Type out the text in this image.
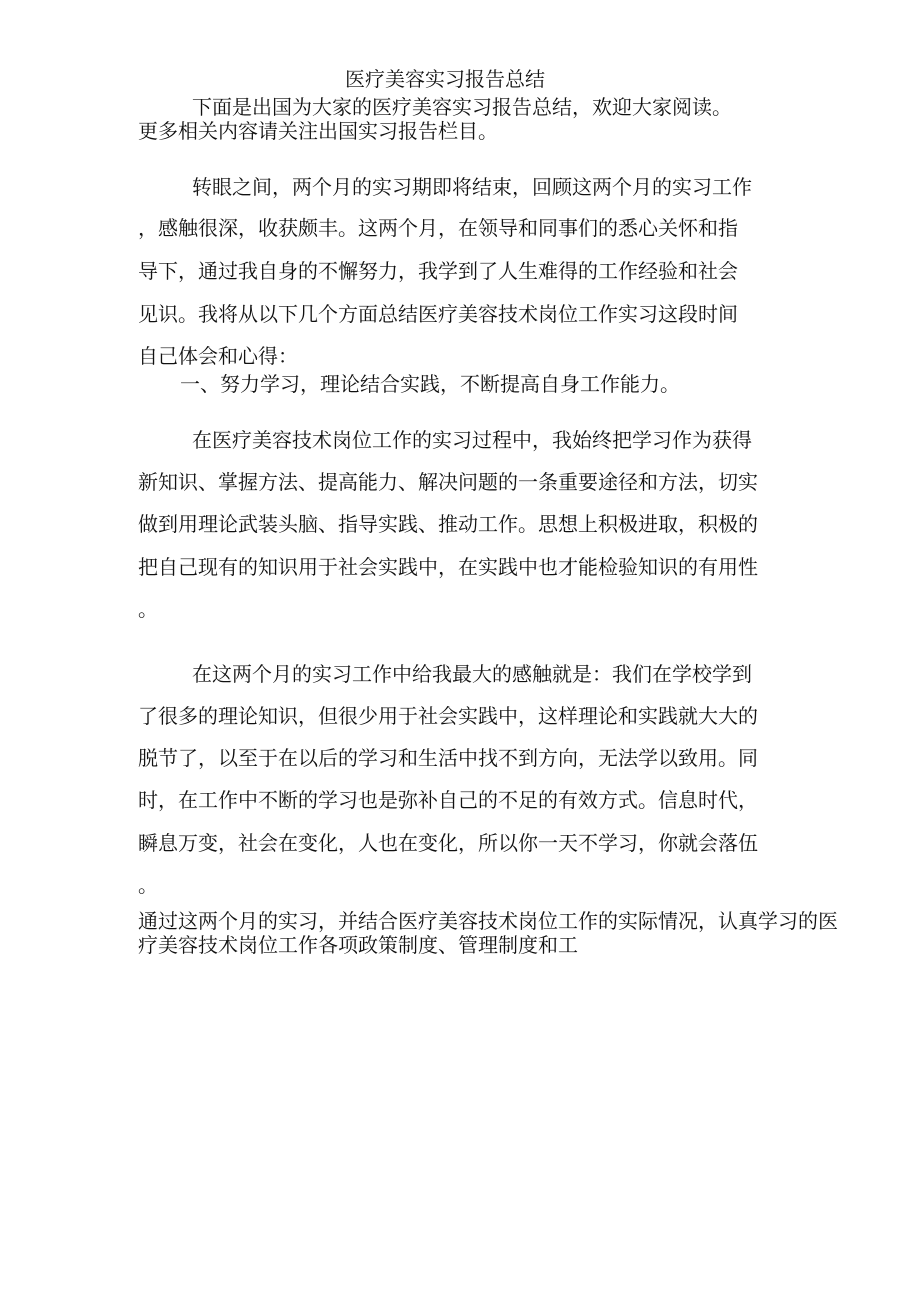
医疗美容实习报告总结
下面是出国为大家的医疗美容实习报告总结，欢迎大家阅读。
更多相关内容请关注出国实习报告栏目。
转眼之间，两个月的实习期即将结束，回顾这两个月的实习工作
，感触很深，收获颇丰。这两个月，在领导和同事们的悉心关怀和指
导下，通过我自身的不懈努力，我学到了人生难得的工作经验和社会
见识。我将从以下几个方面总结医疗美容技术岗位工作实习这段时间
自己体会和心得：
一、努力学习，理论结合实践，不断提高自身工作能力。
在医疗美容技术岗位工作的实习过程中，我始终把学习作为获得
新知识、掌握方法、提高能力、解决问题的一条重要途径和方法，切实
做到用理论武装头脑、指导实践、推动工作。思想上积极进取，积极的
把自己现有的知识用于社会实践中，在实践中也才能检验知识的有用性
。
在这两个月的实习工作中给我最大的感触就是：我们在学校学到
了很多的理论知识，但很少用于社会实践中，这样理论和实践就大大的
脱节了，以至于在以后的学习和生活中找不到方向，无法学以致用。同
时，在工作中不断的学习也是弥补自己的不足的有效方式。信息时代，
瞬息万变，社会在变化，人也在变化，所以你一天不学习，你就会落伍
。
通过这两个月的实习，并结合医疗美容技术岗位工作的实际情况，认真学习的医
疗美容技术岗位工作各项政策制度、管理制度和工
